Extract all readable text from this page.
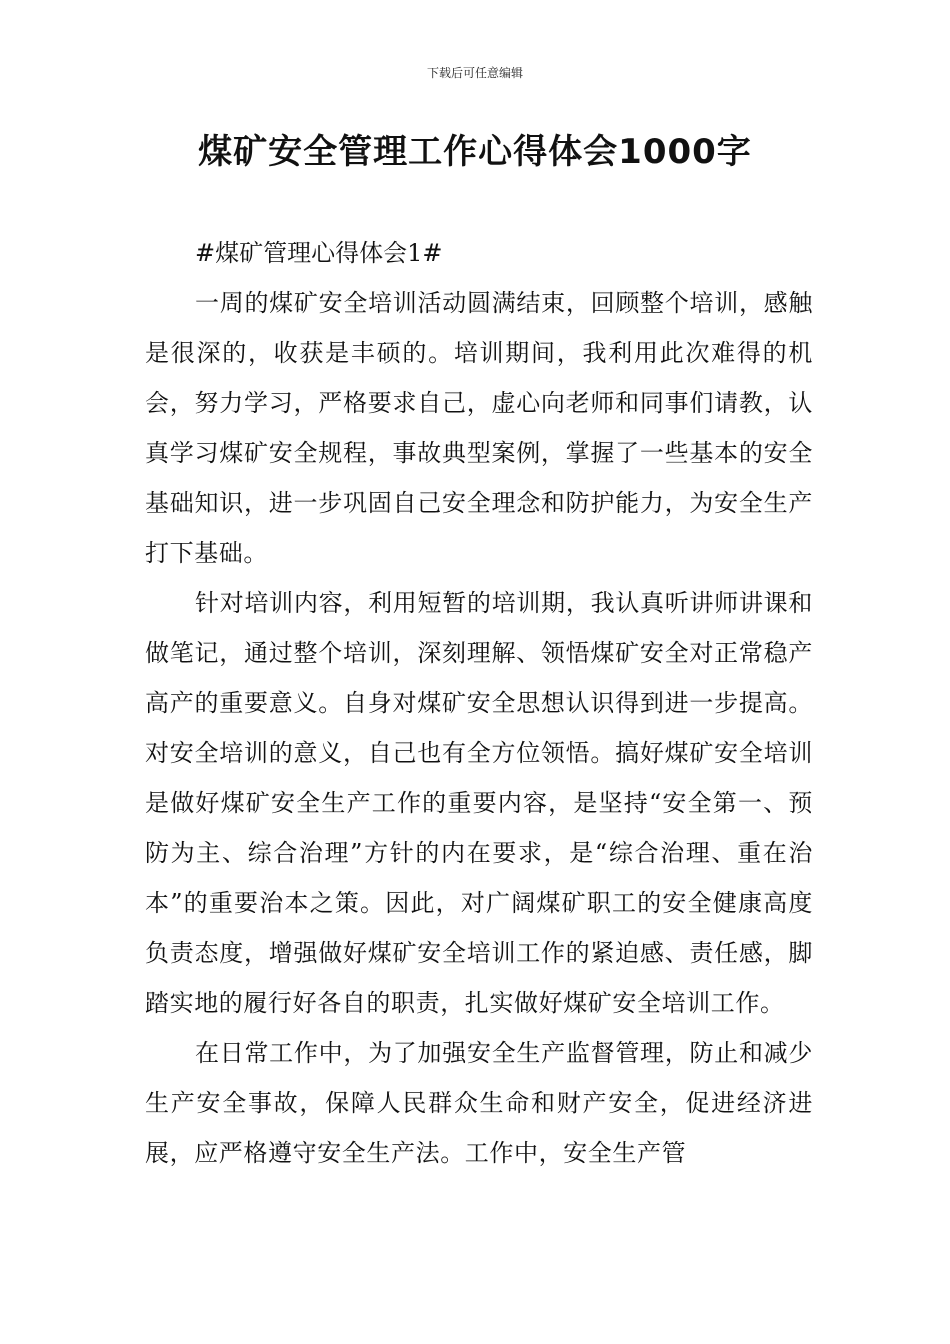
下载后可任意编辑
煤矿安全管理工作心得体会1000字

#煤矿管理心得体会1#

一周的煤矿安全培训活动圆满结束，回顾整个培训，感触是很深的，收获是丰硕的。培训期间，我利用此次难得的机会，努力学习，严格要求自己，虚心向老师和同事们请教，认真学习煤矿安全规程，事故典型案例，掌握了一些基本的安全基础知识，进一步巩固自己安全理念和防护能力，为安全生产打下基础。

针对培训内容，利用短暂的培训期，我认真听讲师讲课和做笔记，通过整个培训，深刻理解、领悟煤矿安全对正常稳产高产的重要意义。自身对煤矿安全思想认识得到进一步提高。对安全培训的意义，自己也有全方位领悟。搞好煤矿安全培训是做好煤矿安全生产工作的重要内容，是坚持“安全第一、预防为主、综合治理”方针的内在要求，是“综合治理、重在治本”的重要治本之策。因此，对广阔煤矿职工的安全健康高度负责态度，增强做好煤矿安全培训工作的紧迫感、责任感，脚踏实地的履行好各自的职责，扎实做好煤矿安全培训工作。

在日常工作中，为了加强安全生产监督管理，防止和减少生产安全事故，保障人民群众生命和财产安全，促进经济进展，应严格遵守安全生产法。工作中，安全生产管
